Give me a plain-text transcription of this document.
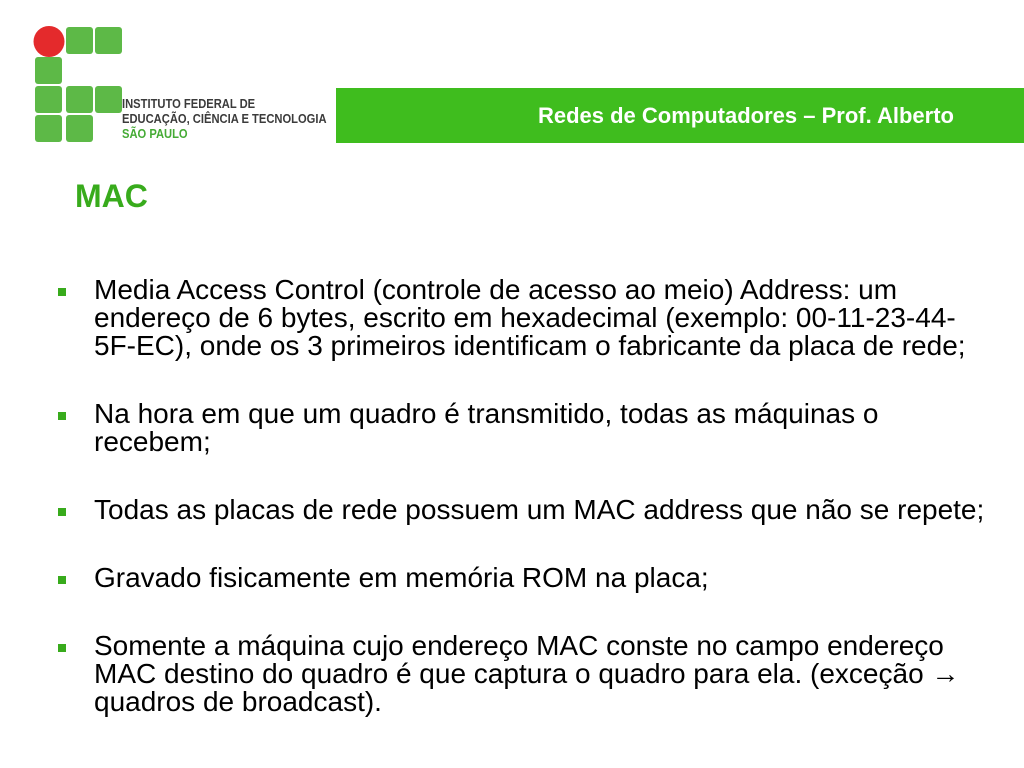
INSTITUTO FEDERAL DE
EDUCAÇÃO, CIÊNCIA E TECNOLOGIA
SÃO PAULO
Redes de Computadores – Prof. Alberto
MAC
Media Access Control (controle de acesso ao meio) Address: um
endereço de 6 bytes, escrito em hexadecimal (exemplo: 00-11-23-44-
5F-EC), onde os 3 primeiros identificam o fabricante da placa de rede;
Na hora em que um quadro é transmitido, todas as máquinas o
recebem;
Todas as placas de rede possuem um MAC address que não se repete;
Gravado fisicamente em memória ROM na placa;
Somente a máquina cujo endereço MAC conste no campo endereço
MAC destino do quadro é que captura o quadro para ela. (exceção →
quadros de broadcast).
